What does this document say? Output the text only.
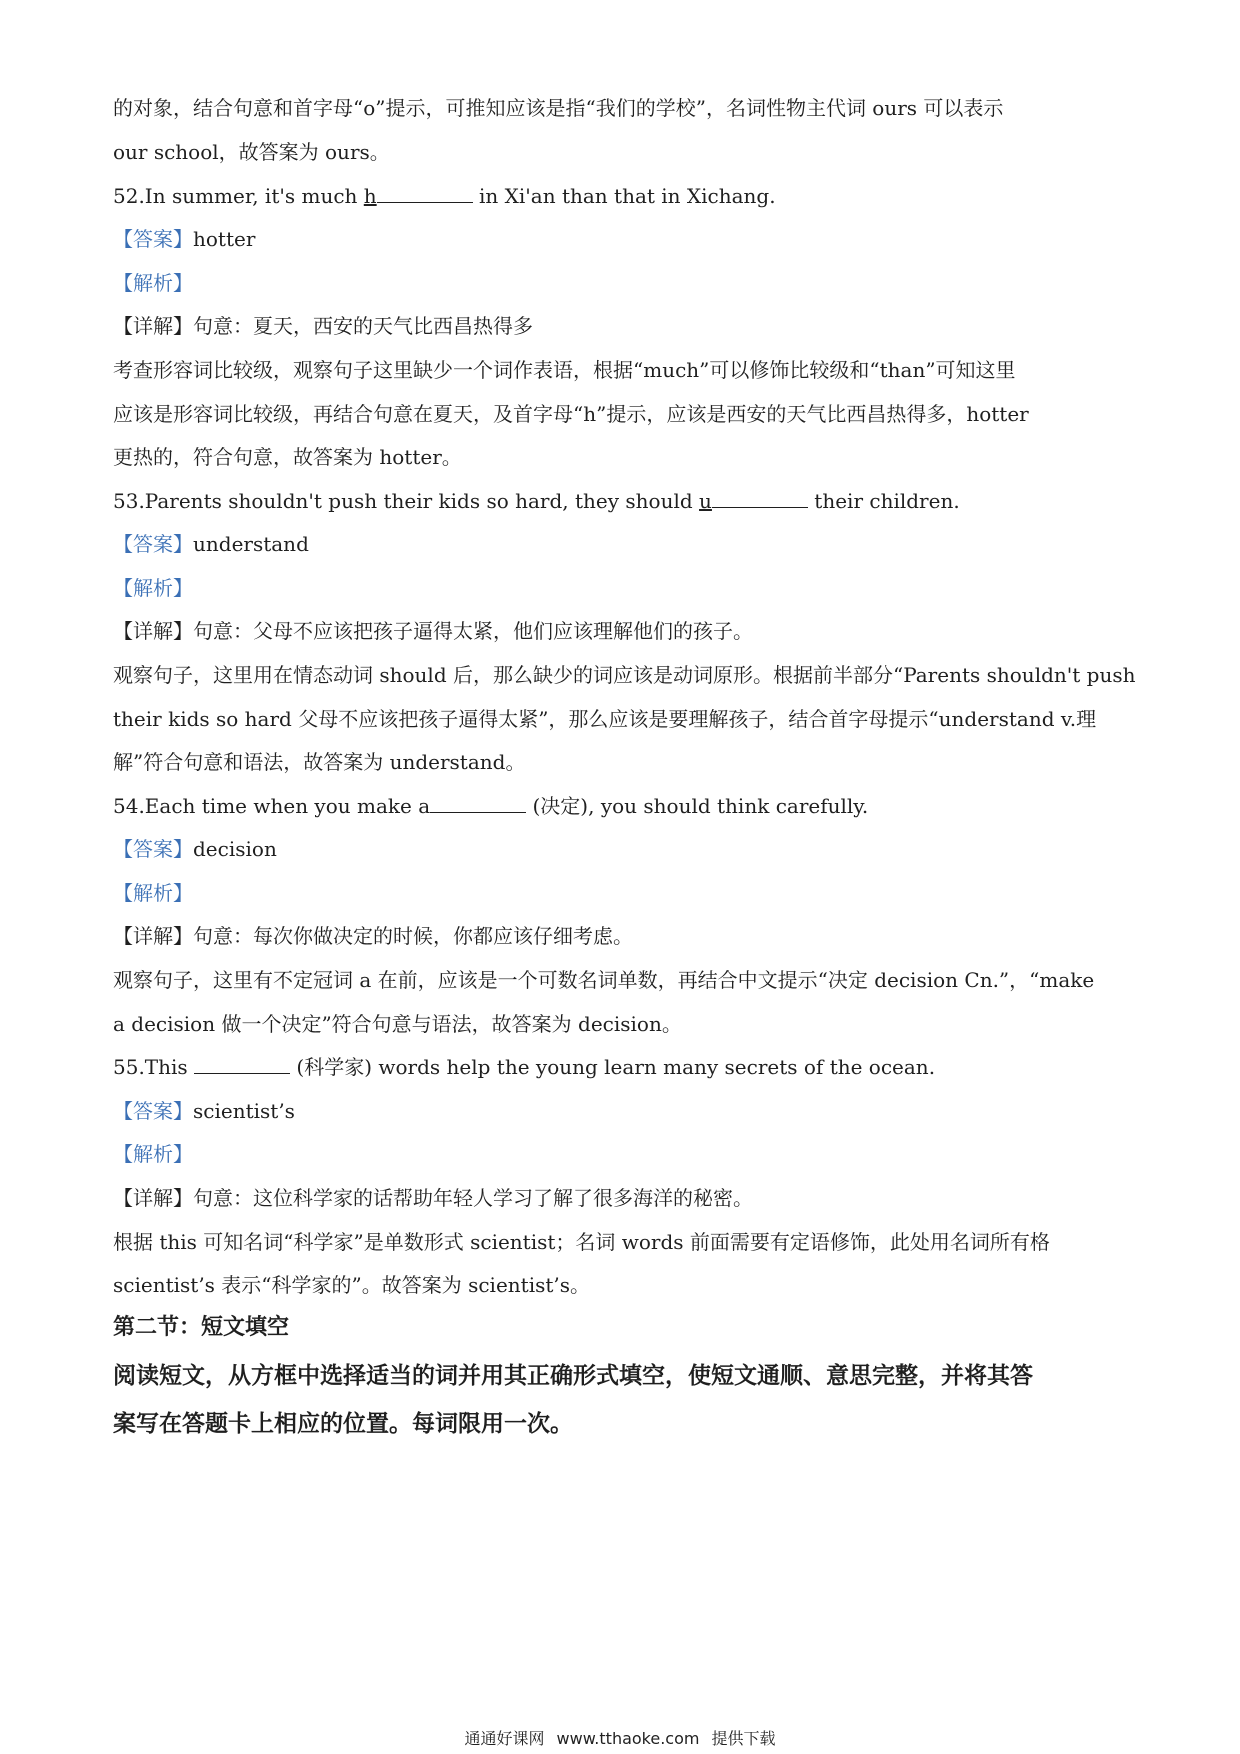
的对象，结合句意和首字母“o”提示，可推知应该是指“我们的学校”，名词性物主代词 ours 可以表示
our school，故答案为 ours。
52.In summer, it's much h	in Xi'an than that in Xichang.
【答案】hotter
【解析】
【详解】句意：夏天，西安的天气比西昌热得多
考查形容词比较级，观察句子这里缺少一个词作表语，根据“much”可以修饰比较级和“than”可知这里
应该是形容词比较级，再结合句意在夏天，及首字母“h”提示，应该是西安的天气比西昌热得多，hotter
更热的，符合句意，故答案为 hotter。
53.Parents shouldn't push their kids so hard, they should u	their children.
【答案】understand
【解析】
【详解】句意：父母不应该把孩子逼得太紧，他们应该理解他们的孩子。
观察句子，这里用在情态动词 should 后，那么缺少的词应该是动词原形。根据前半部分“Parents shouldn't push
their kids so hard 父母不应该把孩子逼得太紧”，那么应该是要理解孩子，结合首字母提示“understand v.理
解”符合句意和语法，故答案为 understand。
54.Each time when you make a	(决定), you should think carefully.
【答案】decision
【解析】
【详解】句意：每次你做决定的时候，你都应该仔细考虑。
观察句子，这里有不定冠词 a 在前，应该是一个可数名词单数，再结合中文提示“决定 decision Cn.”，“make
a decision 做一个决定”符合句意与语法，故答案为 decision。
55.This	(科学家) words help the young learn many secrets of the ocean.
【答案】scientist’s
【解析】
【详解】句意：这位科学家的话帮助年轻人学习了解了很多海洋的秘密。
根据 this 可知名词“科学家”是单数形式 scientist；名词 words 前面需要有定语修饰，此处用名词所有格
scientist’s 表示“科学家的”。故答案为 scientist’s。
第二节：短文填空
阅读短文，从方框中选择适当的词并用其正确形式填空，使短文通顺、意思完整，并将其答
案写在答题卡上相应的位置。每词限用一次。
通通好课网 www.tthaoke.com 提供下载
